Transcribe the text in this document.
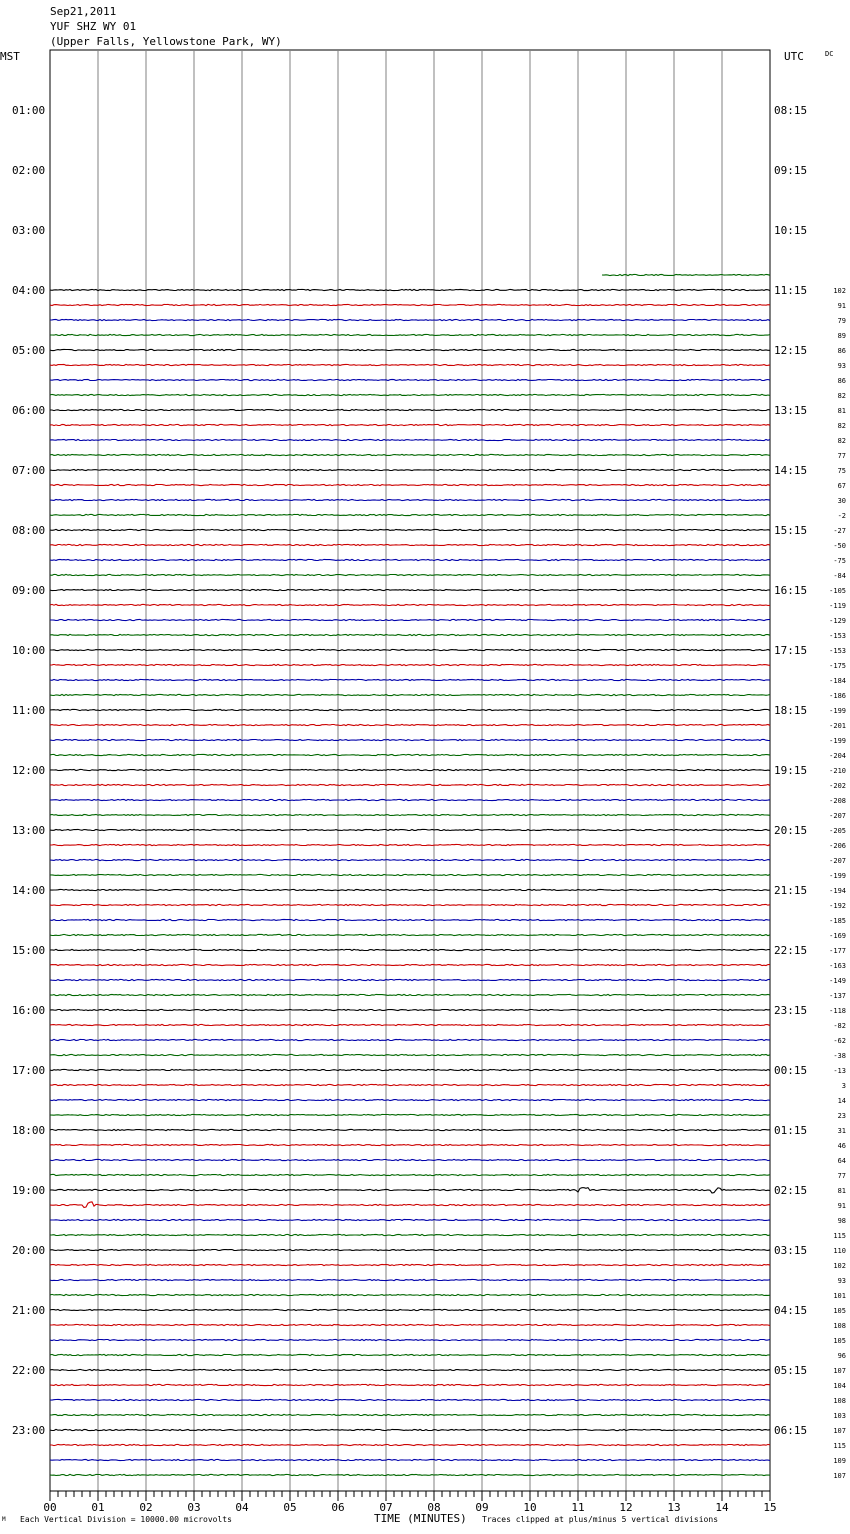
Sep21,2011
YUF SHZ WY 01
(Upper Falls, Yellowstone Park, WY)
MST	UTC	DC
01:00
02:00
03:00
04:00
05:00
06:00
07:00
08:00
09:00
10:00
11:00
12:00
13:00
14:00
15:00
16:00
17:00
18:00
19:00
20:00
21:00
22:00
23:00
08:15
09:15
10:15
11:15
12:15
13:15
14:15
15:15
16:15
17:15
18:15
19:15
20:15
21:15
22:15
23:15
00:15
01:15
02:15
03:15
04:15
05:15
06:15
102
91
79
89
86
93
86
82
81
82
82
77
75
67
30
-2
-27
-50
-75
-84
-105
-119
-129
-153
-153
-175
-184
-186
-199
-201
-199
-204
-210
-202
-208
-207
-205
-206
-207
-199
-194
-192
-185
-169
-177
-163
-149
-137
-118
-82
-62
-38
-13
3
14
23
31
46
64
77
81
91
98
115
110
102
93
101
105
108
105
96
107
104
108
103
107
115
109
107
00	01	02	03	04	05	06	07	08	09	10	11	12	13	14	15
M Each Vertical Division = 10000.00 microvolts	TIME (MINUTES) Traces clipped at plus/minus 5 vertical divisions
